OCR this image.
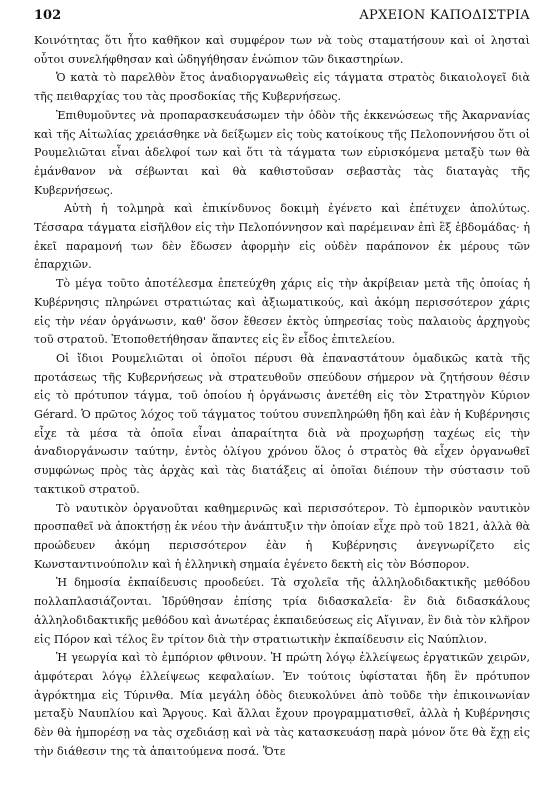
102	ΑΡΧΕΙΟΝ ΚΑΠΟΔΙΣΤΡΙΑ

Κοινότητας ὅτι ἦτο καθῆκον καὶ συμφέρον των νὰ τοὺς σταματήσουν καὶ οἱ λησταὶ οὗτοι συνελήφθησαν καὶ ὡδηγήθησαν ἐνώπιον τῶν δικαστηρίων.

Ὁ κατὰ τὸ παρελθὸν ἔτος ἀναδιοργανωθεὶς εἰς τάγματα στρατὸς δικαιολογεῖ διὰ τῆς πειθαρχίας του τὰς προσδοκίας τῆς Κυβερνήσεως.

Ἐπιθυμοῦντες νὰ προπαρασκευάσωμεν τὴν ὁδὸν τῆς ἐκκενώσεως τῆς Ἀκαρνανίας καὶ τῆς Αἰτωλίας χρειάσθηκε νὰ δείξωμεν εἰς τοὺς κατοίκους τῆς Πελοποννήσου ὅτι οἱ Ρουμελιῶται εἶναι ἀδελφοί των καὶ ὅτι τὰ τάγματα των εὑρισκόμενα μεταξὺ των θὰ ἐμάνθανον νὰ σέβωνται καὶ θὰ καθιστοῦσαν σεβαστὰς τὰς διαταγὰς τῆς Κυβερνήσεως.

Αὐτὴ ἡ τολμηρὰ καὶ ἐπικίνδυνος δοκιμὴ ἐγένετο καὶ ἐπέτυχεν ἀπολύτως. Τέσσαρα τάγματα εἰσῆλθον εἰς τὴν Πελοπόννησον καὶ παρέμειναν ἐπὶ ἓξ ἑβδομάδας· ἡ ἐκεῖ παραμονή των δὲν ἔδωσεν ἀφορμὴν εἰς οὐδὲν παράπονον ἐκ μέρους τῶν ἐπαρχιῶν.

Τὸ μέγα τοῦτο ἀποτέλεσμα ἐπετεύχθη χάρις εἰς τὴν ἀκρίβειαν μετὰ τῆς ὁποίας ἡ Κυβέρνησις πληρώνει στρατιώτας καὶ ἀξιωματικούς, καὶ ἀκόμη περισσότερον χάρις εἰς τὴν νέαν ὀργάνωσιν, καθ' ὅσον ἔθεσεν ἐκτὸς ὑπηρεσίας τοὺς παλαιοὺς ἀρχηγοὺς τοῦ στρατοῦ. Ἐτοποθετήθησαν ἅπαντες εἰς ἓν εἶδος ἐπιτελείου.

Οἱ ἴδιοι Ρουμελιῶται οἱ ὁποῖοι πέρυσι θὰ ἐπαναστάτουν ὁμαδικῶς κατὰ τῆς προτάσεως τῆς Κυβερνήσεως νὰ στρατευθοῦν σπεύδουν σήμερον νὰ ζητήσουν θέσιν εἰς τὸ πρότυπον τάγμα, τοῦ ὁποίου ἡ ὀργάνωσις ἀνετέθη εἰς τὸν Στρατηγὸν Κύριον Gérard. Ὁ πρῶτος λόχος τοῦ τάγματος τούτου συνεπληρώθη ἤδη καὶ ἐὰν ἡ Κυβέρνησις εἶχε τὰ μέσα τὰ ὁποῖα εἶναι ἀπαραίτητα διὰ νὰ προχωρήσῃ ταχέως εἰς τὴν ἀναδιοργάνωσιν ταύτην, ἐντὸς ὀλίγου χρόνου ὅλος ὁ στρατὸς θὰ εἶχεν ὀργανωθεῖ συμφώνως πρὸς τὰς ἀρχὰς καὶ τὰς διατάξεις αἱ ὁποῖαι διέπουν τὴν σύστασιν τοῦ τακτικοῦ στρατοῦ.

Τὸ ναυτικὸν ὀργανοῦται καθημερινῶς καὶ περισσότερον. Τὸ ἐμπορικὸν ναυτικὸν προσπαθεῖ νὰ ἀποκτήσῃ ἐκ νέου τὴν ἀνάπτυξιν τὴν ὁποίαν εἶχε πρὸ τοῦ 1821, ἀλλὰ θὰ προώδευεν ἀκόμη περισσότερον ἐὰν ἡ Κυβέρνησις ἀνεγνωρίζετο εἰς Κωνσταντινούπολιν καὶ ἡ ἑλληνικὴ σημαία ἐγένετο δεκτὴ εἰς τὸν Βόσπορον.

Ἡ δημοσία ἐκπαίδευσις προοδεύει. Τὰ σχολεῖα τῆς ἀλληλοδιδακτικῆς μεθόδου πολλαπλασιάζονται. Ἱδρύθησαν ἐπίσης τρία διδασκαλεῖα· ἓν διὰ διδασκάλους ἀλληλοδιδακτικῆς μεθόδου καὶ ἀνωτέρας ἐκπαιδεύσεως εἰς Αἴγιναν, ἓν διὰ τὸν κλῆρον εἰς Πόρον καὶ τέλος ἓν τρίτον διὰ τὴν στρατιωτικὴν ἐκπαίδευσιν εἰς Ναύπλιον.

Ἡ γεωργία καὶ τὸ ἐμπόριον φθινουν. Ἡ πρώτη λόγῳ ἐλλείψεως ἐργατικῶν χειρῶν, ἀμφότεραι λόγῳ ἐλλείψεως κεφαλαίων. Ἐν τούτοις ὑφίσταται ἤδη ἓν πρότυπον ἀγρόκτημα εἰς Τύρινθα. Μία μεγάλη ὁδὸς διευκολύνει ἀπὸ τοῦδε τὴν ἐπικοινωνίαν μεταξὺ Ναυπλίου καὶ Ἄργους. Καὶ ἄλλαι ἔχουν προγραμματισθεῖ, ἀλλὰ ἡ Κυβέρνησις δὲν θὰ ἠμπορέσῃ να τὰς σχεδιάσῃ καὶ νὰ τὰς κατασκευάσῃ παρὰ μόνον ὅτε θὰ ἔχῃ εἰς τὴν διάθεσιν της τὰ ἀπαιτούμενα ποσά. Ὅτε
